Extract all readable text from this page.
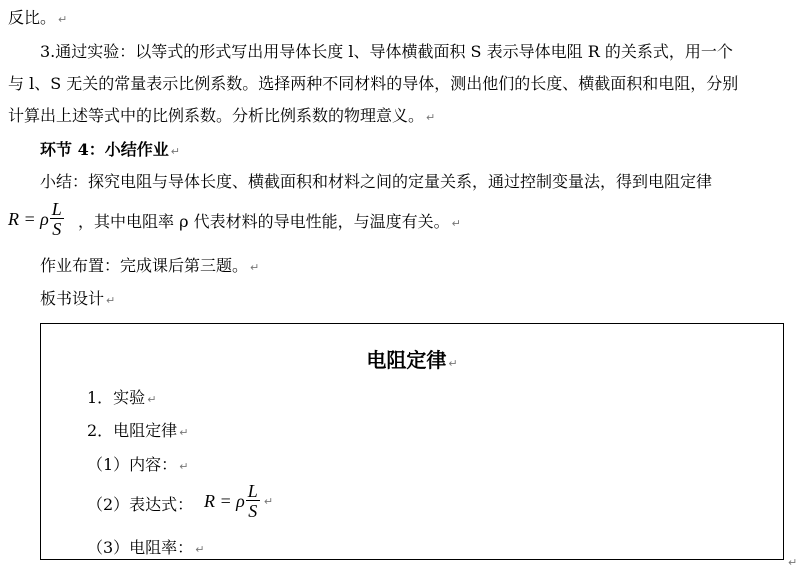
反比。 ↵
3.通过实验：以等式的形式写出用导体长度 l、导体横截面积 S 表示导体电阻 R 的关系式，用一个
与 l、S 无关的常量表示比例系数。选择两种不同材料的导体，测出他们的长度、横截面积和电阻，分别
计算出上述等式中的比例系数。分析比例系数的物理意义。 ↵
环节 4：小结作业 ↵
小结：探究电阻与导体长度、横截面积和材料之间的定量关系，通过控制变量法，得到电阻定律
R = ρ $\frac{L}{S}$ ，其中电阻率 ρ 代表材料的导电性能，与温度有关。 ↵
作业布置：完成课后第三题。 ↵
板书设计 ↵
电阻定律 ↵
1．实验 ↵
2．电阻定律 ↵
（1）内容： ↵
（2）表达式： R = ρ $\frac{L}{S}$ ↵
（3）电阻率： ↵
↵
